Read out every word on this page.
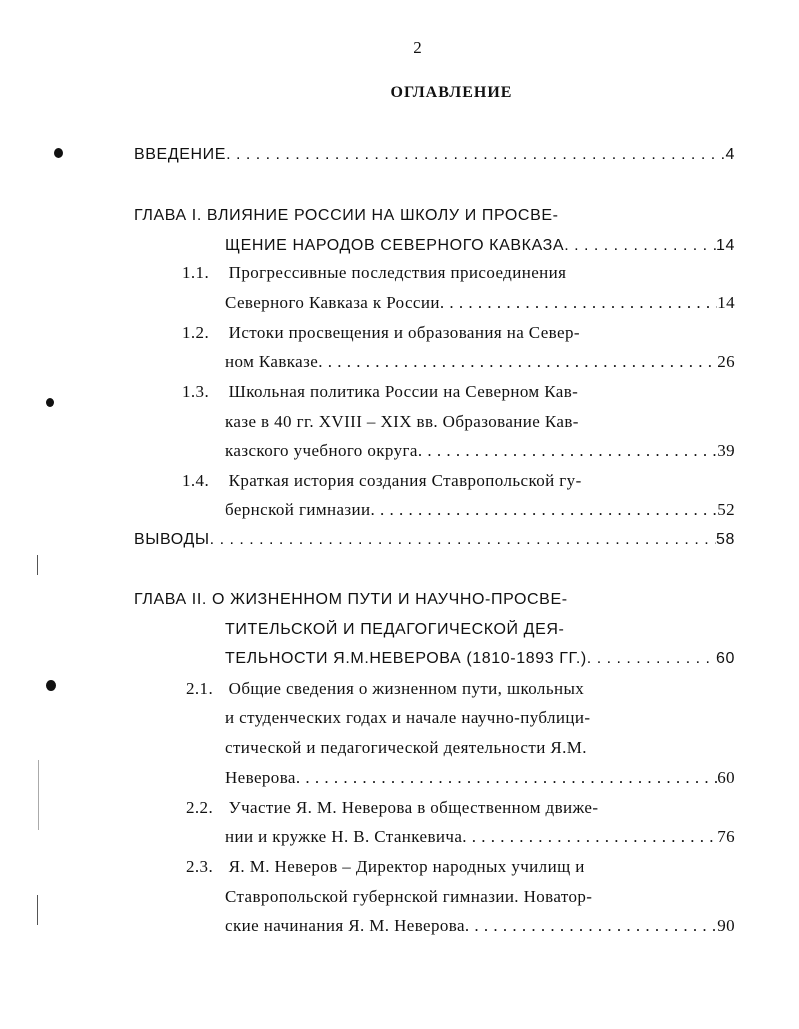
2
ОГЛАВЛЕНИЕ
ВВЕДЕНИЕ . . .	4
ГЛАВА I. ВЛИЯНИЕ РОССИИ НА ШКОЛУ И ПРОСВЕ-
ЩЕНИЕ НАРОДОВ СЕВЕРНОГО КАВКАЗА . . .	14
1.1. Прогрессивные последствия присоединения
Северного Кавказа к России . . .	14
1.2. Истоки просвещения и образования на Север-
ном Кавказе . . .	26
1.3. Школьная политика России на Северном Кав-
казе в 40 гг. XVIII – XIX вв. Образование Кав-
казского учебного округа . . .	39
1.4. Краткая история создания Ставропольской гу-
бернской гимназии . . .	52
ВЫВОДЫ . . .	58
ГЛАВА II. О ЖИЗНЕННОМ ПУТИ И НАУЧНО-ПРОСВЕ-
ТИТЕЛЬСКОЙ И ПЕДАГОГИЧЕСКОЙ ДЕЯ-
ТЕЛЬНОСТИ Я.М.НЕВЕРОВА (1810-1893 ГГ.) . . .	60
2.1. Общие сведения о жизненном пути, школьных
и студенческих годах и начале научно-публици-
стической и педагогической деятельности Я.М.
Неверова . . .	60
2.2. Участие Я. М. Неверова в общественном движе-
нии и кружке Н. В. Станкевича . . .	76
2.3. Я. М. Неверов – Директор народных училищ и
Ставропольской губернской гимназии. Новатор-
ские начинания Я. М. Неверова . . .	90
